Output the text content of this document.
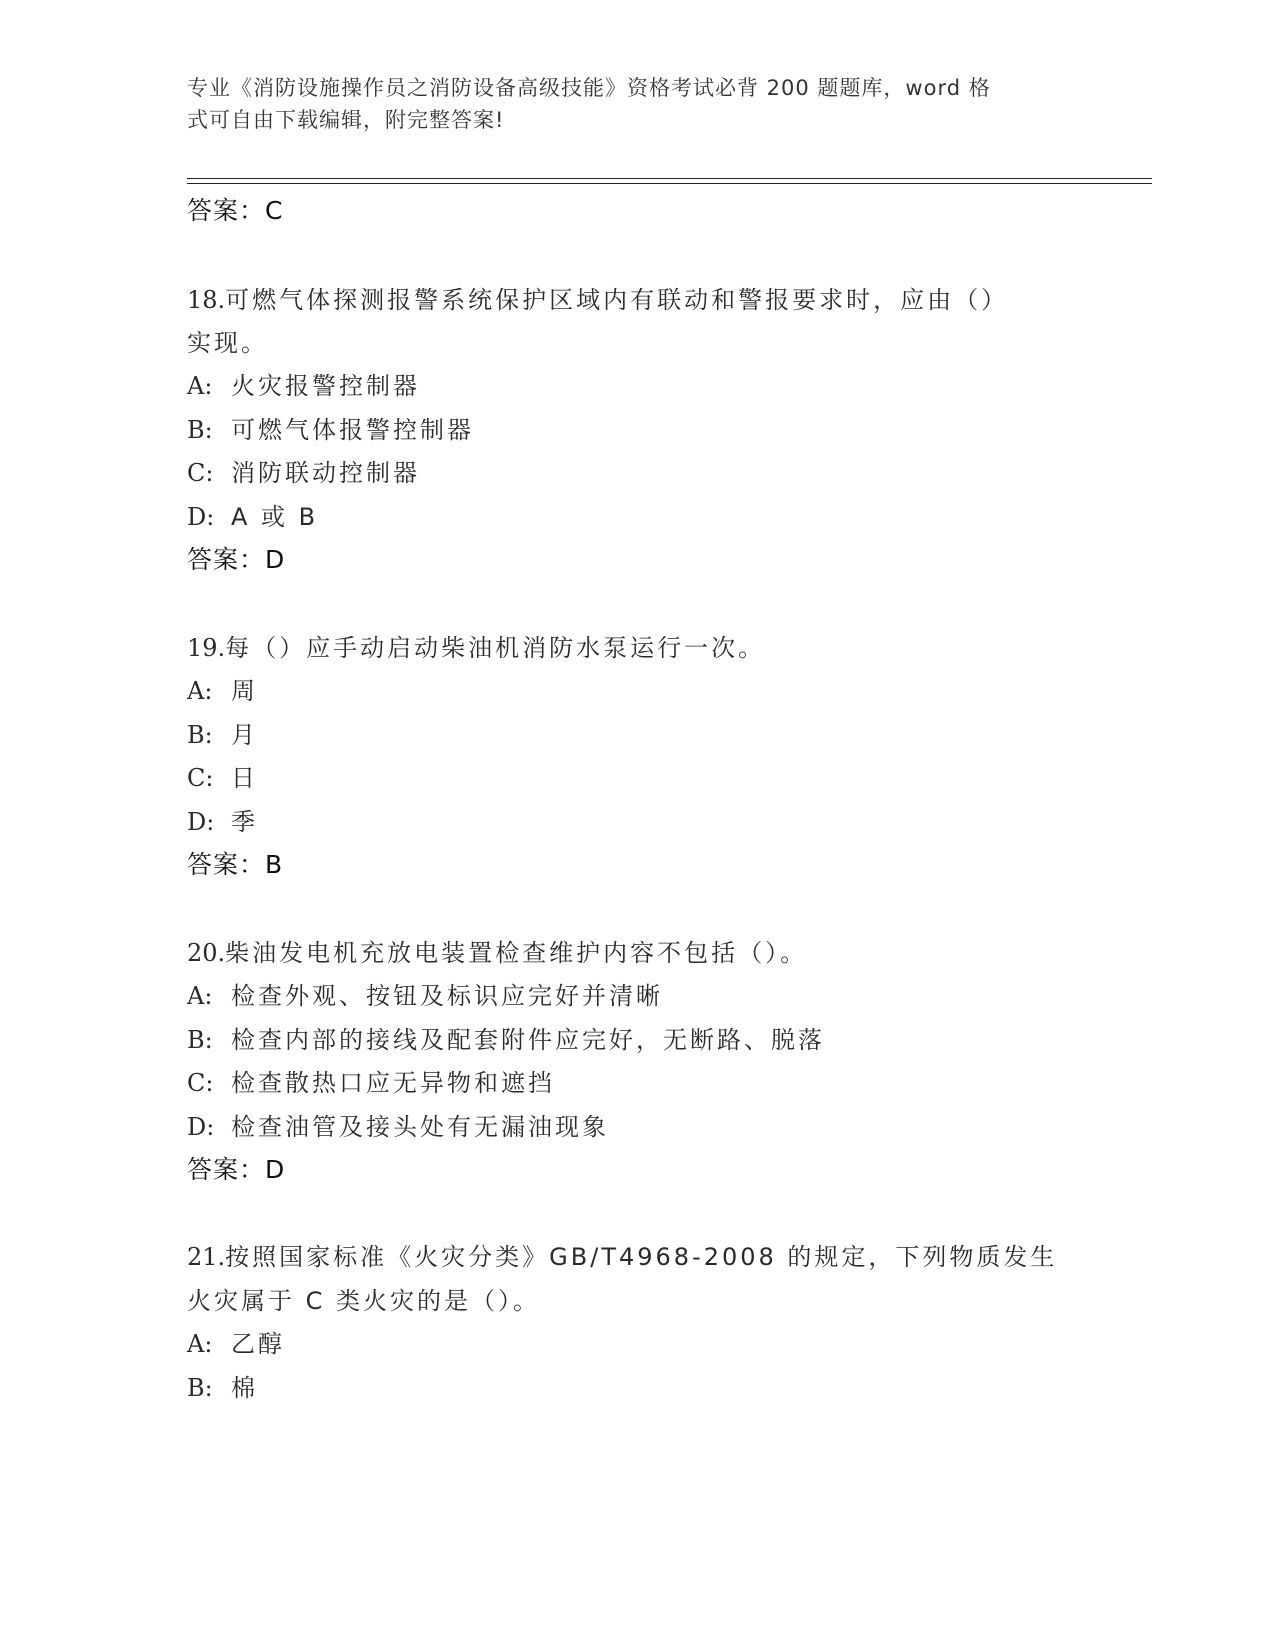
专业《消防设施操作员之消防设备高级技能》资格考试必背 200 题题库，word 格
式可自由下载编辑，附完整答案!
答案：C
18.可燃气体探测报警系统保护区域内有联动和警报要求时，应由（）
实现。
A: 火灾报警控制器
B: 可燃气体报警控制器
C: 消防联动控制器
D: A 或 B
答案：D
19.每（）应手动启动柴油机消防水泵运行一次。
A: 周
B: 月
C: 日
D: 季
答案：B
20.柴油发电机充放电装置检查维护内容不包括（）。
A: 检查外观、按钮及标识应完好并清晰
B: 检查内部的接线及配套附件应完好，无断路、脱落
C: 检查散热口应无异物和遮挡
D: 检查油管及接头处有无漏油现象
答案：D
21.按照国家标准《火灾分类》GB/T4968-2008 的规定，下列物质发生
火灾属于 C 类火灾的是（）。
A: 乙醇
B: 棉
